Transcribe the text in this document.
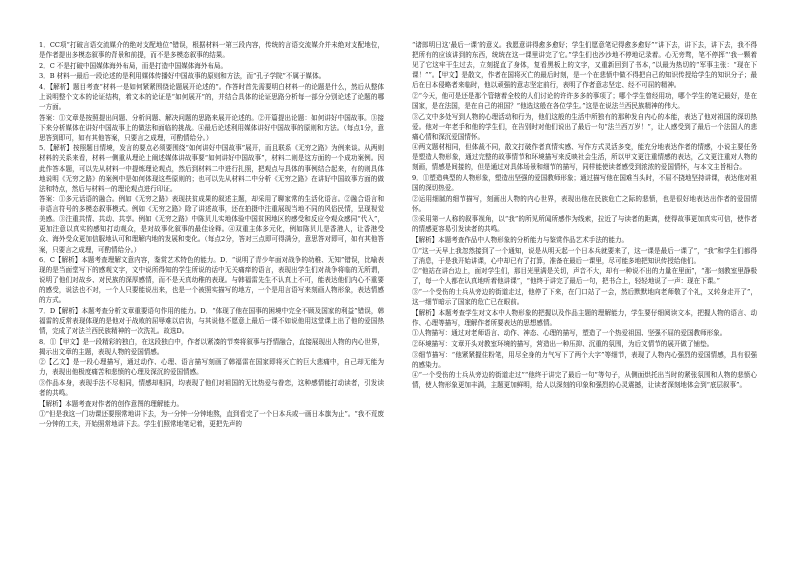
1．CC项“打破言语交流媒介的绝对支配地位”错误，根据材料一第三段内容，传统的言语交流媒介并未绝对支配地位，是作者提出多模态叙事的背景和前提，而不是多模态叙事的结果。

2．C 不是打破中国媒体海外布局，而是打造中国媒体海外布局。

3．B 材料一最后一段论述的是利用媒体传播好中国故事的原则和方法，而“孔子学院”不属于媒体。

4．【解析】题目考查“材料一是如何紧紧围绕论题展开论述的”。作答时首先需要明白材料一的论题是什么，然后从整体上说明整个文本的论证结构，着文本的论证是“如何展开”的，并结合具体的论证思路分析每一部分分别论述了论题的哪一方面。

答案：①文章是按照提出问题、分析问题、解决问题的思路来展开论述的。②开篇提出论题：如何讲好中国故事。③接下来分析媒体在讲好中国故事上的做法和面临的挑战。④最后论述利用媒体讲好中国故事的原则和方法。（每点1分，意思答到即可，如有其他答案，只要言之成理，可酌情给分。）

5．【解析】按照题目情境，发言的要点必须要围绕“如何讲好中国故事”展开，而且联系《无穷之路》为例来谈。从两则材料的关系来看，材料一侧重从理论上阐述媒体讲故事要“如何讲好中国故事”，材料二则是这方面的一个成功案例。因此作答本题，可以先从材料一中提炼理论观点，然后到材料二中进行扎照，把观点与具体的事例结合起来，有的则具体地说明《无穷之路》的案例中是如何体现这些原则的；也可以先从材料二中分析《无穷之路》在讲好中国故事方面的做法和特点，然后与材料一的理论观点进行印证。

答案：①多元话语的融合。例如《无穷之路》表现扶贫成果的叙述主题，却采用了聊家常的生活化语言。②融合语言和非语言符号的多模态叙事模式。例如《无穷之路》除了讲述故事，还在拍摄中注重展现当地不同的风俗民情，呈现视觉美感。③注重共情、共动、共享。例如《无穷之路》中陈贝儿实地体验中国贫困地区的感受和反应令观众感同“代入”，更加注意以真实的感知打动观众，是对故事化叙事的最佳诠释。④双重主体多元化，例如陈贝儿是香港人，让香港受众、海外受众更加信服地认可和理解内地的发展和变化。（每点2分，答对三点即可得满分，意思答对即可，如有其他答案，只要言之成理，可酌情给分。）

6．C【解析】本题考查理解文意内容，鉴赏艺术特色的能力。D．“说明了青少年面对战争的幼稚、无知”错误，比喻表现的是当面堂写下的感观文字，文中说所得知的学生所说的话中无关痛痒的语言，表现出学生们对战争将临的无所谓，说明了他们对故乡、对民族的深厚感情，而不是天真幼稚的表现。与韩福雷先生不认真上不可，能表达他们内心不重要的感受，说法也不对，一个人只要能说出来，也是一个被照实描写的地方，一个是用言语写来刻画人物形象，表达情感的方式。

7．D【解析】本题考查分析文章重要语句作用的能力。D．“体现了他在国事的困境中完全不顾及国家的利益”错误，韩福雷的反常表现体现的是他对于战败的屈辱难以启齿，与其说他不愿意上最后一课不如说他用这堂课上出了他的爱国热情，完成了对法兰西民族精神的一次洗礼。故选D。

8．①【甲文】是一段精彩的独白，在这段独白中，作者以紧凑的节奏将叙事与抒情融合，直接展现出人物的内心世界，揭示出文章的主题，表现人物的爱国情感。

②【乙文】是一段心理描写，通过动作、心理、语言描写刻画了韩福雷在国家即将灭亡的巨大悲痛中，自己却无能为力，表现出他极度痛苦和悲愤的心理及深沉的爱国情感。

③作品本身，表现手法不尽相同，情感却相同，均表现了他们对祖国的无比热爱与眷恋，这种感情能打动读者，引发读者的共鸣。

【解析】本题考查对作者的创作意图的理解能力。

①“但是我这一门功课还要照常地讲下去，为一分钟一分钟地熬，直到看完了一个日本兵或一画日本旗为止”。“我不荒废一分钟的工夫，开始照常地讲下去。学生们照常地笔记着，更把先声的

“诸郎明日这‘最后一课’的意义。我愿意讲得愈多愈好；学生们愿意笔记得愈多愈好”“讲下去，讲下去，讲下去，我不得把所有的应该讲到的东西，统统在这一课里讲完了它。”学生们也沙沙地不停地记录着。心无旁骛，笔不停挥“‘我一颗着见了它这牢干生过去，立刻捉直了身体，复看黑板上的文字，又重新回到了书本，”以最为热切的“军事主张：“现在下课！””。【甲文】是散文，作者在国将灭亡的最后时刻，是一个在悲愤中做不得把自己的知识传授给学生的知识分子；最后在日本侵略者来临时，他以顽强的意志坚定前行，表明了作者意志坚定、经不可屈的精神。

②“今天，他可是还是那个管辖着全校的人们讨论的许许多多的事项了；哪个学生曾经用功，哪个学生的笔记最好，是在国家，是在法国，是在自己的祖国？”他选这般在各位学生。”这是在说法兰西民族精神的伟大。

③乙文中多处写到人物的心理活动和行为，他们这般的生活中所独有的那种发自内心的本能，表达了他对祖国的深切热爱。他对一年老手和他的学生们，在告别时对他们说出了最后一句“法兰西万岁！”，让人感受到了最后一个法国人的悲痛心情和深沉爱国情怀。

④两文题材相同，但体裁不同，散文打破作者真情实感、写作方式灵活多变，能充分地表达作者的情感，小说主要任务是塑造人物形象，通过完整的故事情节和环境描写来反映社会生活，所以甲文更注重情感的表达，乙文更注重对人物的刻画，情感是间接的，但是通过对具体场景和细节的描写，同样能使读者感受到浓浓的爱国情怀，与本文主旨相合。

9．①塑造典型的人物形象，塑造出坚强的爱国教师形象；通过描写他在国难当头时，不屈不挠地坚持讲课，表达他对祖国的深切热爱。

②运用细腻的细节描写，刻画出人物的内心世界，表现出他在民族危亡之际的悲愤，也是很好地表达出作者的爱国情怀。

③采用第一人称的叙事视角，以“我”的所见所闻所感作为线索，拉近了与读者的距离，使得故事更加真实可信，使作者的情感更容易引发读者的共鸣。

【解析】本题考查作品中人物形象的分析能力与鉴赏作品艺术手法的能力。

①“这一天早上我忽然接到了一个通知，说是从明天起一个日本兵就要来了，这一课是最后一课了”，“我”和学生们都得了消息，于是我开始讲课，心中却已有了打算，准备在最后一课里，尽可能多地把知识传授给他们。

②“他站在讲台边上，面对学生们，那目光里满是关切，声音不大，却有一种说不出的力量在里面”，“那一刻教室里静极了，每一个人都在认真地听着他讲课”，“他终于讲完了最后一句，把书合上，轻轻地说了一声：现在下课。”

③“一个受伤的士兵从旁边的街道走过，他停了下来，在门口站了一会，然后默默地向老师敬了个礼，又转身走开了”，这一细节暗示了国家的危亡已在眼前。

【解析】本题考查学生对文本中人物形象的把握以及作品主题的理解能力，学生要仔细阅读文本，把握人物的语言、动作、心理等描写，理解作者所要表达的思想感情。

①人物描写：通过对老师语言、动作、神态、心理的描写，塑造了一个热爱祖国、坚强不屈的爱国教师形象。

②环境描写：文章开头对教室环境的描写，营造出一种压抑、沉重的氛围，为后文情节的展开做了铺垫。

③细节描写：“他紧紧握住粉笔，用尽全身的力气写下了两个大字”等细节，表现了人物内心强烈的爱国情感，具有很强的感染力。

④“一个受伤的士兵从旁边的街道走过”“他终于讲完了最后一句”等句子，从侧面烘托出当时的紧张氛围和人物的悲愤心情，使人物形象更加丰满，主题更加鲜明，给人以深刻的印象和强烈的心灵震撼，让读者深刻地体会到“底层叙事”。
